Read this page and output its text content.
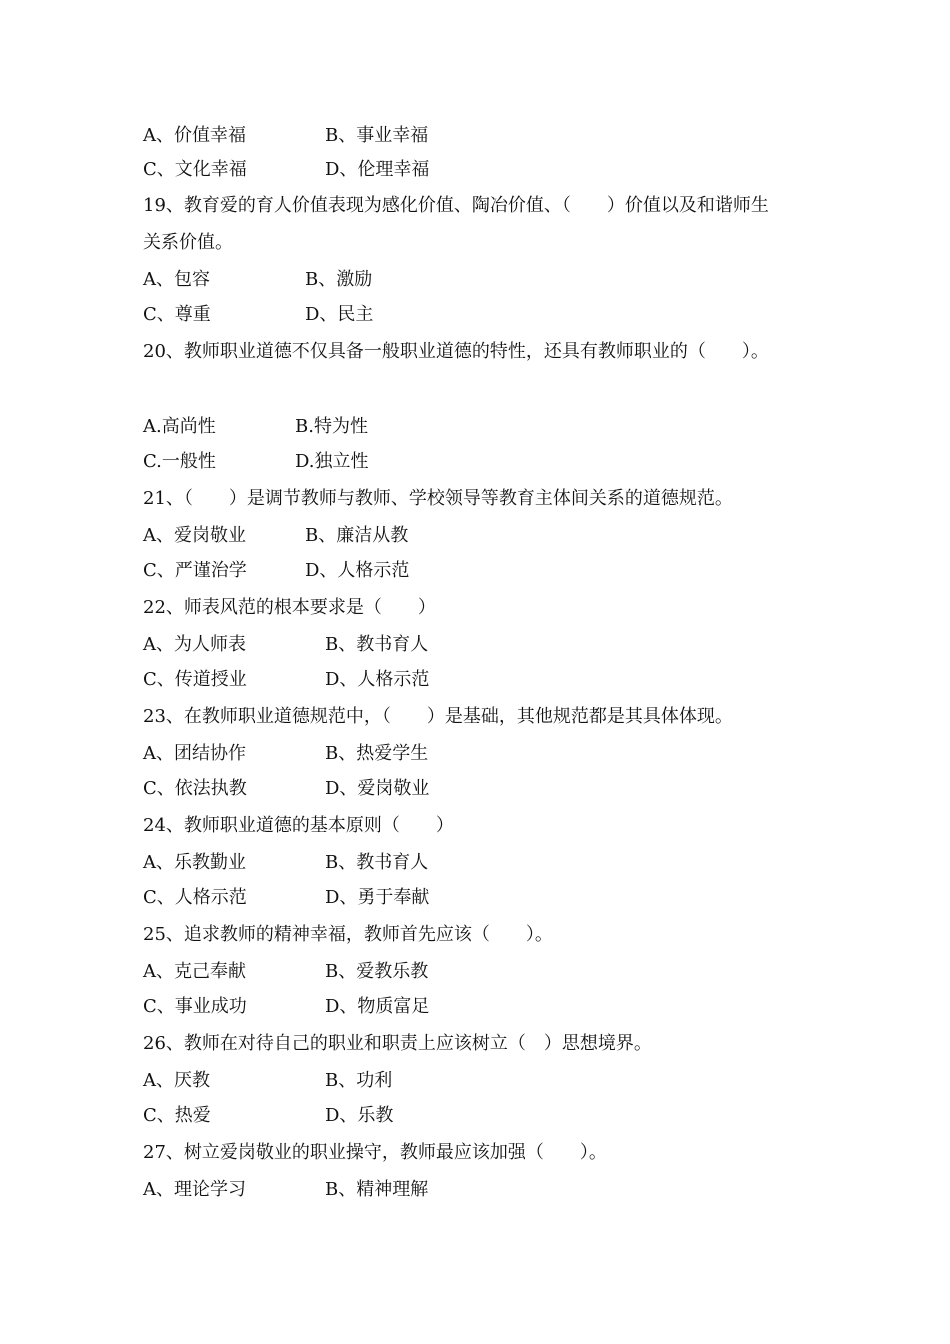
A、价值幸福	B、事业幸福
C、文化幸福	D、伦理幸福
19、教育爱的育人价值表现为感化价值、陶冶价值、（　　）价值以及和谐师生
关系价值。
A、包容	B、激励
C、尊重	D、民主
20、教师职业道德不仅具备一般职业道德的特性，还具有教师职业的（　　）。
A.高尚性	B.特为性
C.一般性	D.独立性
21、（　　）是调节教师与教师、学校领导等教育主体间关系的道德规范。
A、爱岗敬业	B、廉洁从教
C、严谨治学	D、人格示范
22、师表风范的根本要求是（　　）
A、为人师表	B、教书育人
C、传道授业	D、人格示范
23、在教师职业道德规范中，（　　）是基础，其他规范都是其具体体现。
A、团结协作	B、热爱学生
C、依法执教	D、爱岗敬业
24、教师职业道德的基本原则（　　）
A、乐教勤业	B、教书育人
C、人格示范	D、勇于奉献
25、追求教师的精神幸福，教师首先应该（　　）。
A、克己奉献	B、爱教乐教
C、事业成功	D、物质富足
26、教师在对待自己的职业和职责上应该树立（　）思想境界。
A、厌教	B、功利
C、热爱	D、乐教
27、树立爱岗敬业的职业操守，教师最应该加强（　　）。
A、理论学习	B、精神理解
